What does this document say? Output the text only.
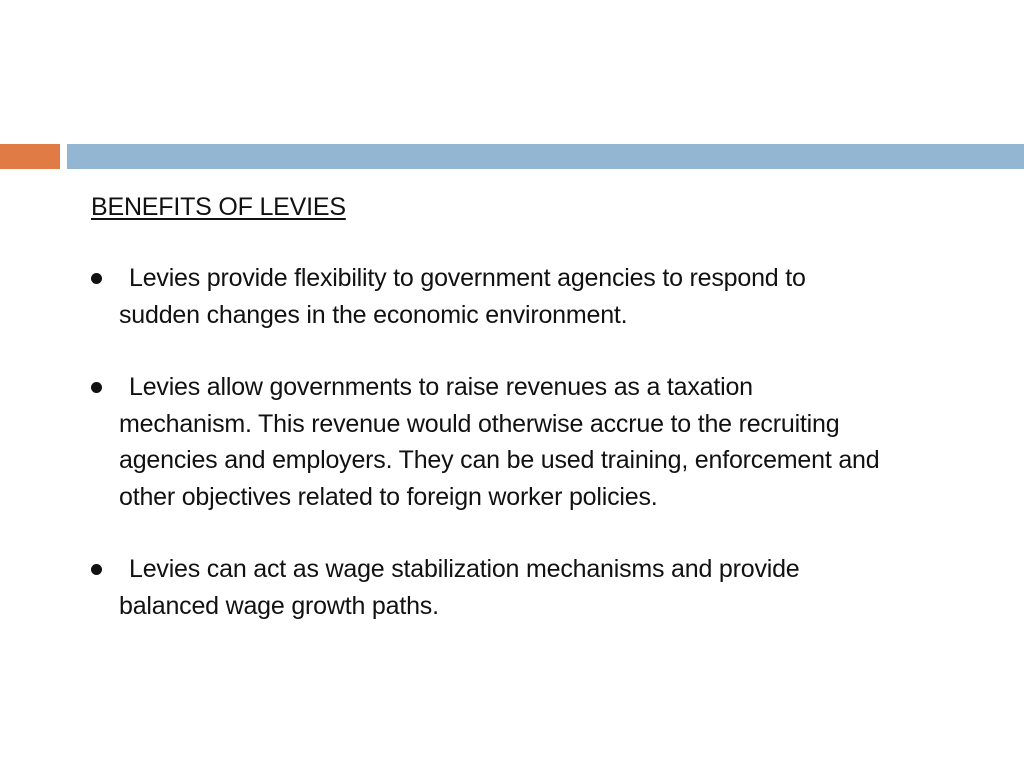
BENEFITS OF LEVIES
Levies provide flexibility to government agencies to respond to sudden changes in the economic environment.
Levies allow governments to raise revenues as a taxation mechanism. This revenue would otherwise accrue to the recruiting agencies and employers. They can be used training, enforcement and other objectives related to foreign worker policies.
Levies can act as wage stabilization mechanisms and provide balanced wage growth paths.
